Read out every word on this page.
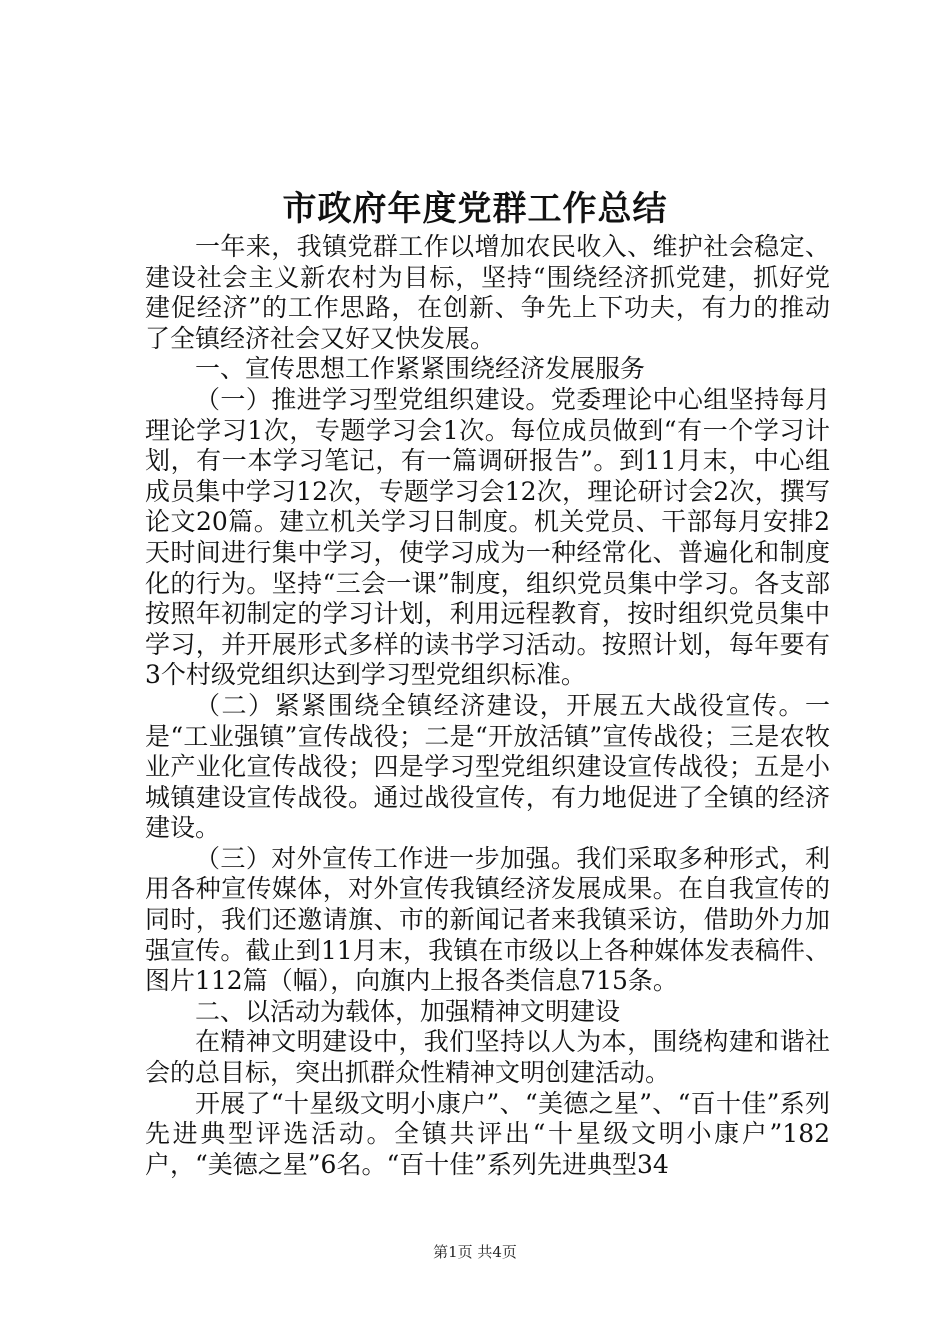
市政府年度党群工作总结

一年来，我镇党群工作以增加农民收入、维护社会稳定、建设社会主义新农村为目标，坚持“围绕经济抓党建，抓好党建促经济”的工作思路，在创新、争先上下功夫，有力的推动了全镇经济社会又好又快发展。

一、宣传思想工作紧紧围绕经济发展服务

（一）推进学习型党组织建设。党委理论中心组坚持每月理论学习1次，专题学习会1次。每位成员做到“有一个学习计划，有一本学习笔记，有一篇调研报告”。到11月末，中心组成员集中学习12次，专题学习会12次，理论研讨会2次，撰写论文20篇。建立机关学习日制度。机关党员、干部每月安排2天时间进行集中学习，使学习成为一种经常化、普遍化和制度化的行为。坚持“三会一课”制度，组织党员集中学习。各支部按照年初制定的学习计划，利用远程教育，按时组织党员集中学习，并开展形式多样的读书学习活动。按照计划，每年要有3个村级党组织达到学习型党组织标准。

（二）紧紧围绕全镇经济建设，开展五大战役宣传。一是“工业强镇”宣传战役；二是“开放活镇”宣传战役；三是农牧业产业化宣传战役；四是学习型党组织建设宣传战役；五是小城镇建设宣传战役。通过战役宣传，有力地促进了全镇的经济建设。

（三）对外宣传工作进一步加强。我们采取多种形式，利用各种宣传媒体，对外宣传我镇经济发展成果。在自我宣传的同时，我们还邀请旗、市的新闻记者来我镇采访，借助外力加强宣传。截止到11月末，我镇在市级以上各种媒体发表稿件、图片112篇（幅），向旗内上报各类信息715条。

二、以活动为载体，加强精神文明建设

在精神文明建设中，我们坚持以人为本，围绕构建和谐社会的总目标，突出抓群众性精神文明创建活动。

开展了“十星级文明小康户”、“美德之星”、“百十佳”系列先进典型评选活动。全镇共评出“十星级文明小康户”182户，“美德之星”6名。“百十佳”系列先进典型34

第1页 共4页
